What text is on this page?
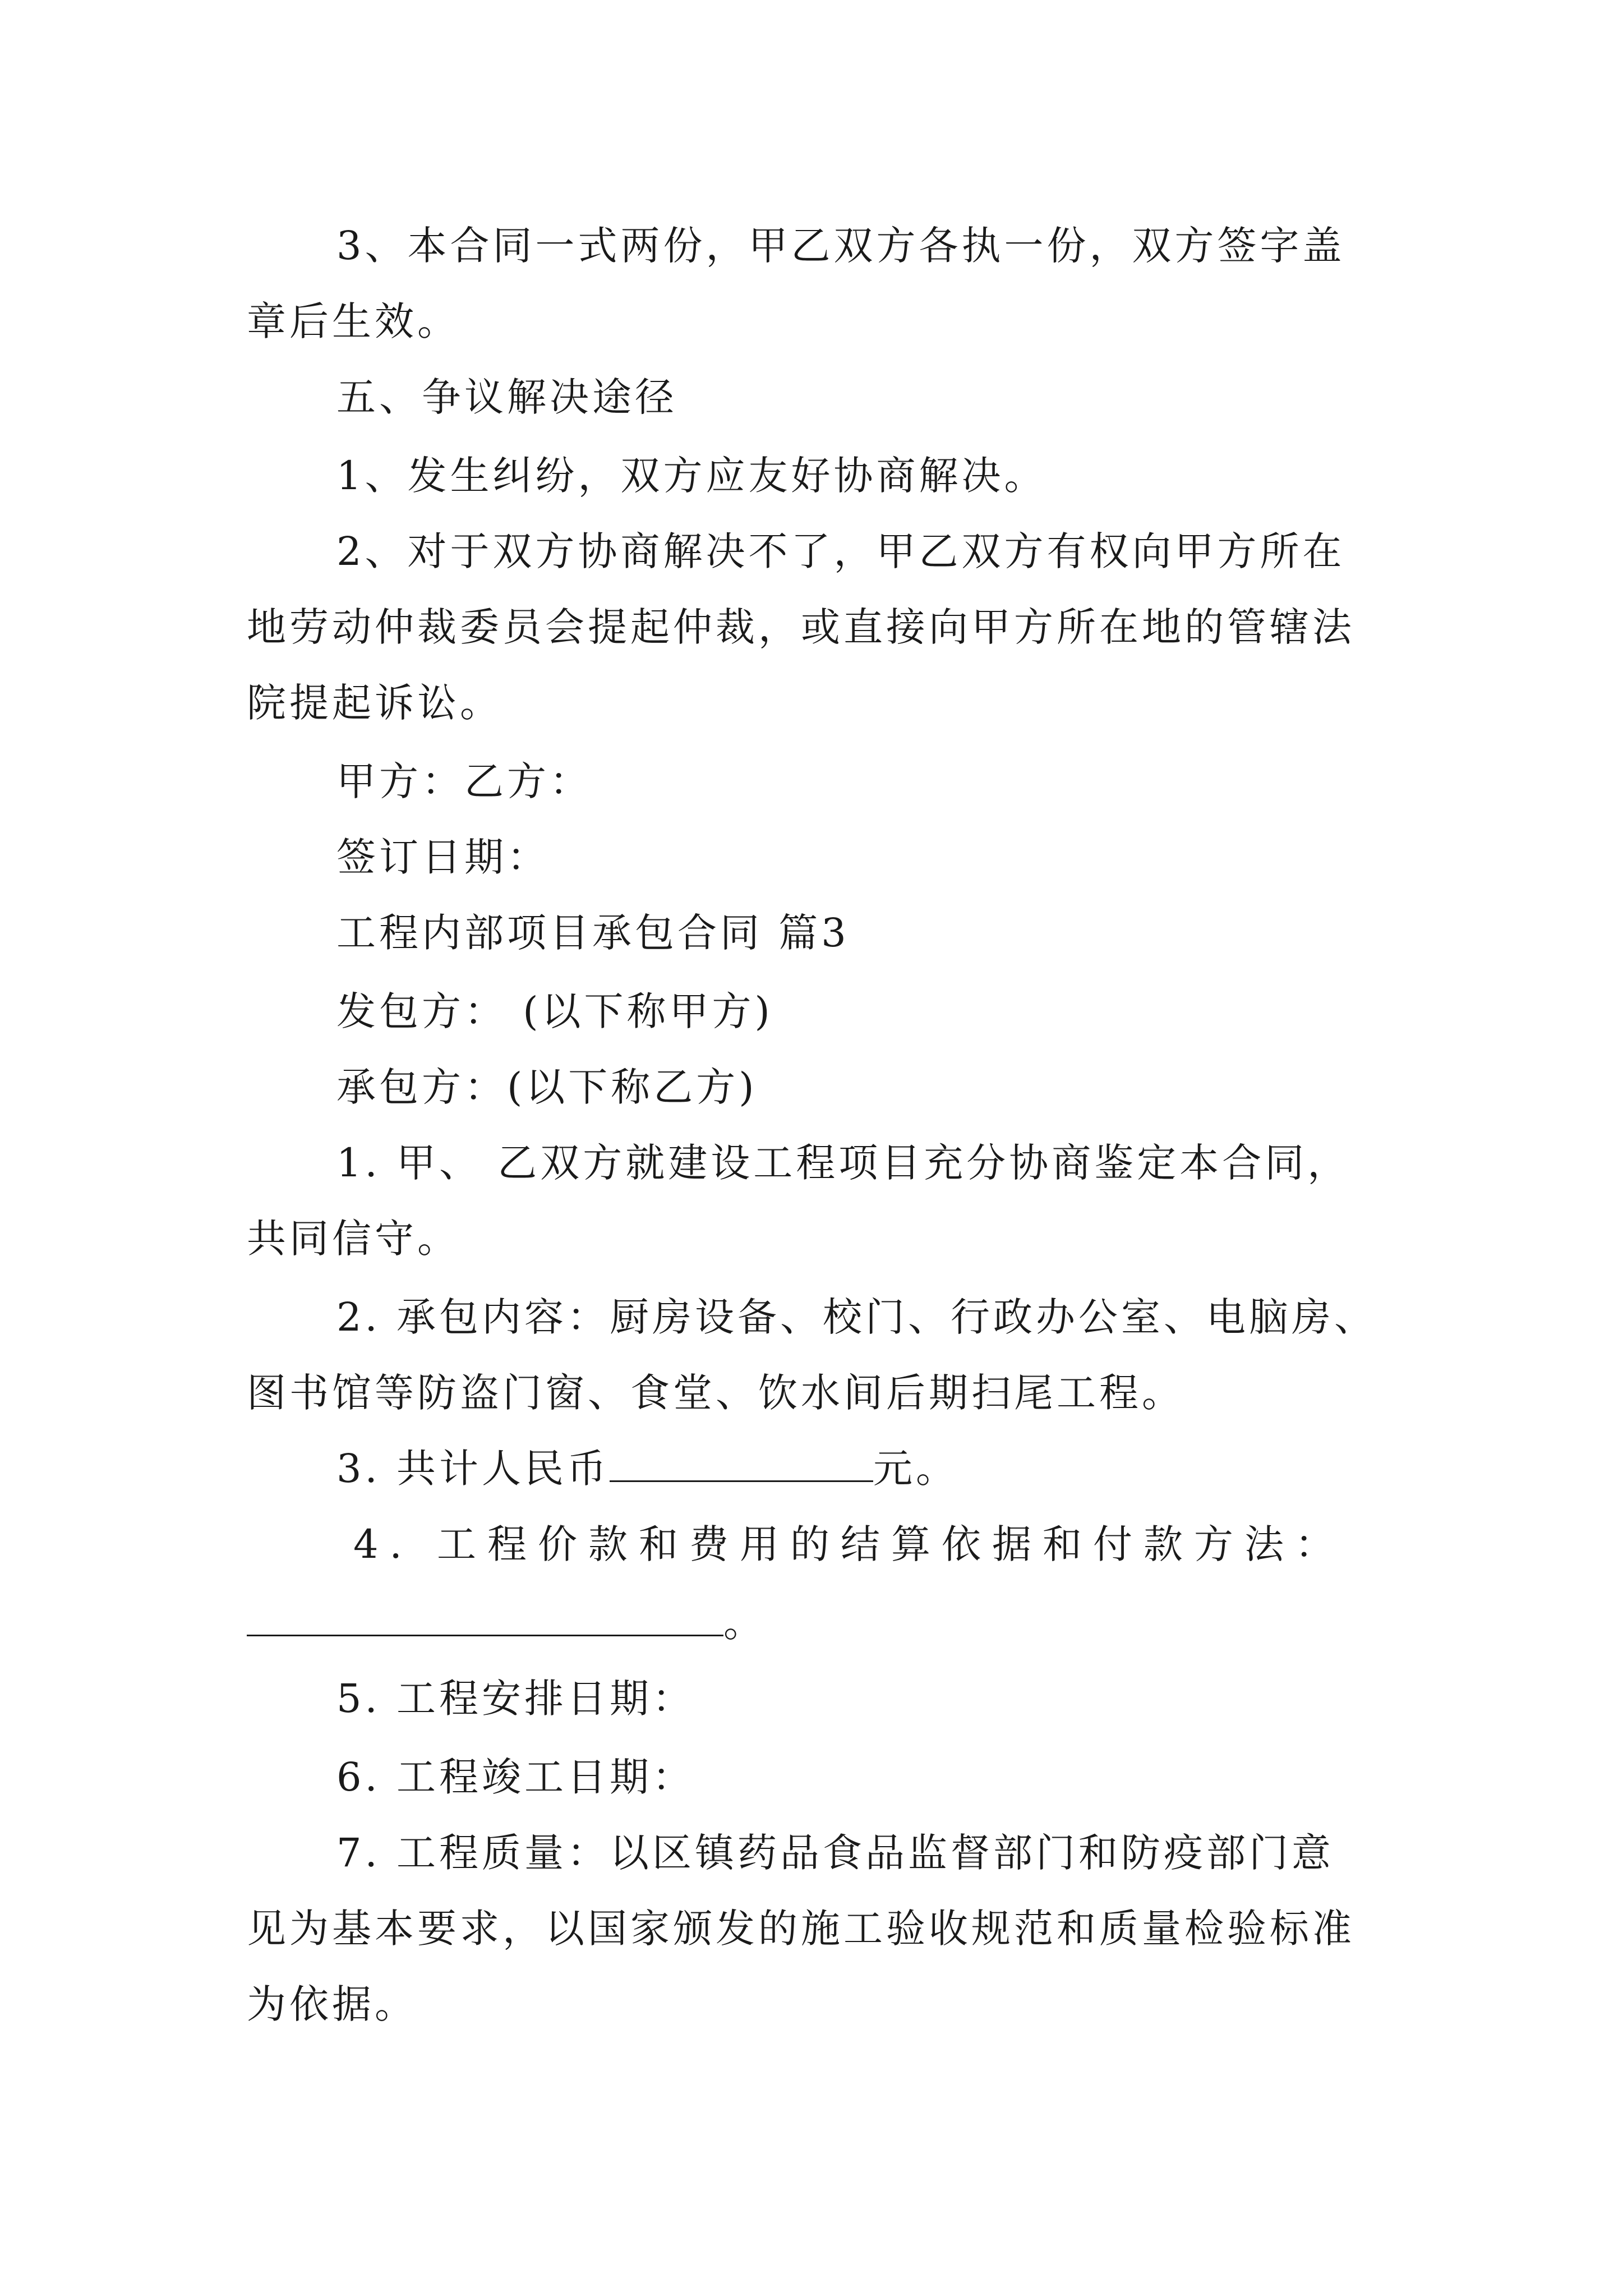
3、本合同一式两份，甲乙双方各执一份，双方签字盖
章后生效。
五、争议解决途径
1、发生纠纷，双方应友好协商解决。
2、对于双方协商解决不了，甲乙双方有权向甲方所在
地劳动仲裁委员会提起仲裁，或直接向甲方所在地的管辖法
院提起诉讼。
甲方：乙方：
签订日期：
工程内部项目承包合同 篇3
发包方： (以下称甲方)
承包方：(以下称乙方)
1. 甲、 乙双方就建设工程项目充分协商鉴定本合同，
共同信守。
2. 承包内容：厨房设备、校门、行政办公室、电脑房、
图书馆等防盗门窗、食堂、饮水间后期扫尾工程。
3. 共计人民币	元。
4. 工程价款和费用的结算依据和付款方法：
。
5. 工程安排日期：
6. 工程竣工日期：
7. 工程质量：以区镇药品食品监督部门和防疫部门意
见为基本要求，以国家颁发的施工验收规范和质量检验标准
为依据。
